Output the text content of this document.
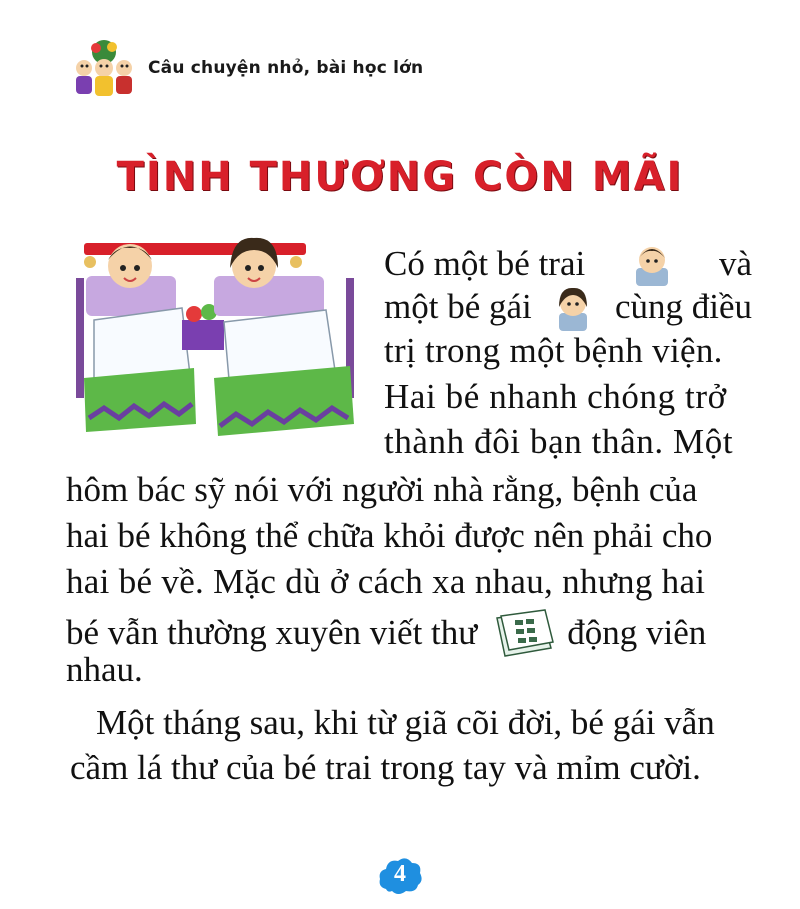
Câu chuyện nhỏ, bài học lớn
TÌNH THƯƠNG CÒN MÃI
Có một bé trai	và
một bé gái cùng điều
trị trong một bệnh viện.
Hai bé nhanh chóng trở
thành đôi bạn thân. Một
hôm bác sỹ nói với người nhà rằng, bệnh của
hai bé không thể chữa khỏi được nên phải cho
hai bé về. Mặc dù ở cách xa nhau, nhưng hai
bé vẫn thường xuyên viết thư	động viên
nhau.
Một tháng sau, khi từ giã cõi đời, bé gái vẫn
cầm lá thư của bé trai trong tay và mỉm cười.
4
